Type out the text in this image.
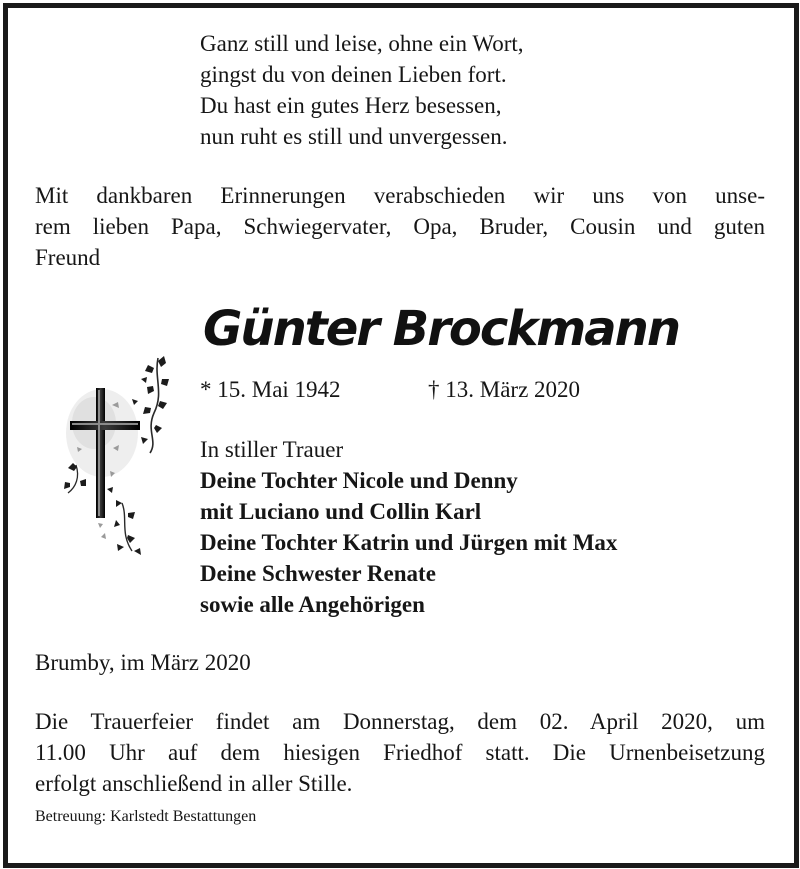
Ganz still und leise, ohne ein Wort,
gingst du von deinen Lieben fort.
Du hast ein gutes Herz besessen,
nun ruht es still und unvergessen.
Mit dankbaren Erinnerungen verabschieden wir uns von unse-
rem lieben Papa, Schwiegervater, Opa, Bruder, Cousin und guten
Freund
Günter Brockmann
* 15. Mai 1942	† 13. März 2020
In stiller Trauer
Deine Tochter Nicole und Denny
mit Luciano und Collin Karl
Deine Tochter Katrin und Jürgen mit Max
Deine Schwester Renate
sowie alle Angehörigen
Brumby, im März 2020
Die Trauerfeier findet am Donnerstag, dem 02. April 2020, um
11.00 Uhr auf dem hiesigen Friedhof statt. Die Urnenbeisetzung
erfolgt anschließend in aller Stille.
Betreuung: Karlstedt Bestattungen
